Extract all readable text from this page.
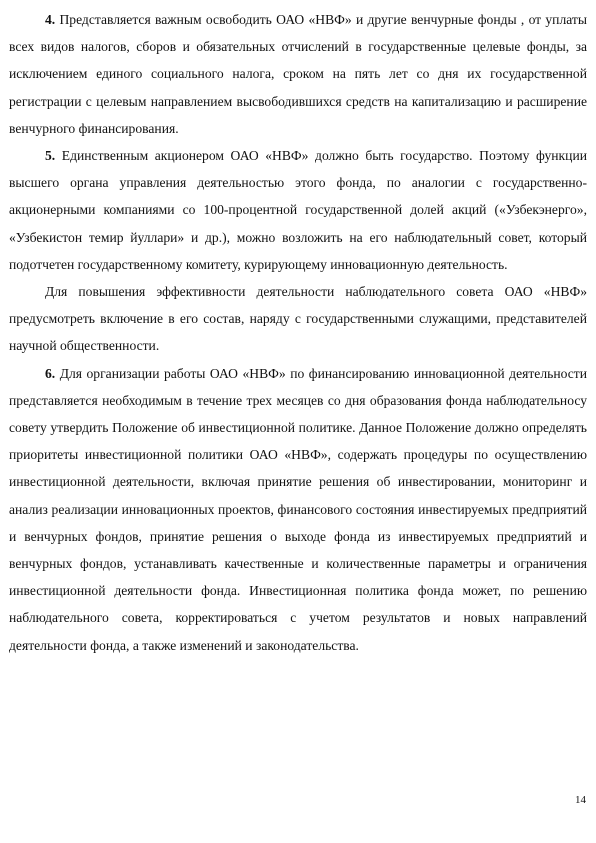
4. Представляется важным освободить ОАО «НВФ» и другие венчурные фонды , от уплаты всех видов налогов, сборов и обязательных отчислений в государственные целевые фонды, за исключением единого социального налога, сроком на пять лет со дня их государственной регистрации с целевым направлением высвободившихся средств на капитализацию и расширение венчурного финансирования.

5. Единственным акционером ОАО «НВФ» должно быть государство. Поэтому функции высшего органа управления деятельностью этого фонда, по аналогии с государственно-акционерными компаниями со 100-процентной государственной долей акций («Узбекэнерго», «Узбекистон темир йуллари» и др.), можно возложить на его наблюдательный совет, который подотчетен государственному комитету, курирующему инновационную деятельность.

Для повышения эффективности деятельности наблюдательного совета ОАО «НВФ» предусмотреть включение в его состав, наряду с государственными служащими, представителей научной общественности.

6. Для организации работы ОАО «НВФ» по финансированию инновационной деятельности представляется необходимым в течение трех месяцев со дня образования фонда наблюдательносу совету утвердить Положение об инвестиционной политике. Данное Положение должно определять приоритеты инвестиционной политики ОАО «НВФ», содержать процедуры по осуществлению инвестиционной деятельности, включая принятие решения об инвестировании, мониторинг и анализ реализации инновационных проектов, финансового состояния инвестируемых предприятий и венчурных фондов, принятие решения о выходе фонда из инвестируемых предприятий и венчурных фондов, устанавливать качественные и количественные параметры и ограничения инвестиционной деятельности фонда. Инвестиционная политика фонда может, по решению наблюдательного совета, корректироваться с учетом результатов и новых направлений деятельности фонда, а также изменений и законодательства.

14
